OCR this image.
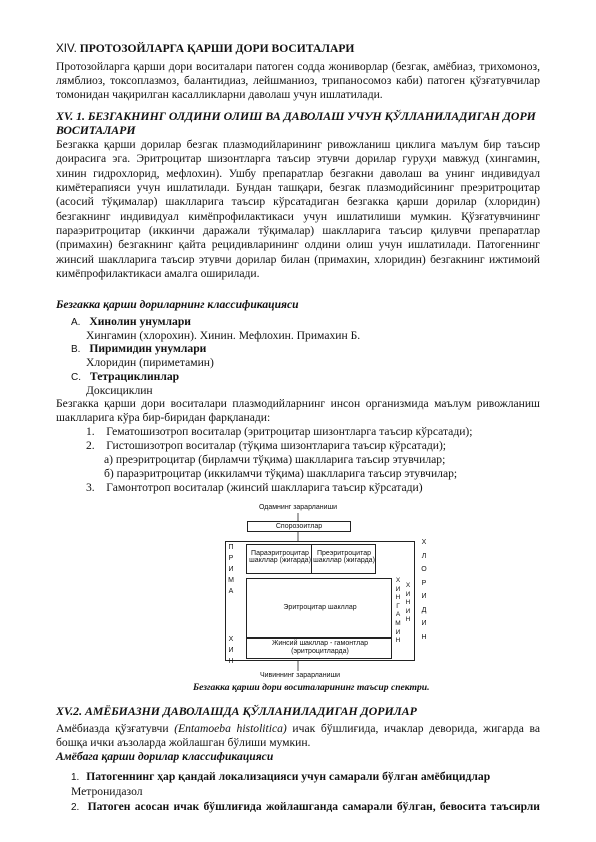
XIV. ПРОТОЗОЙЛАРГА ҚАРШИ ДОРИ ВОСИТАЛАРИ
Протозойларга қарши дори воситалари патоген содда жониворлар (безгак, амёбиаз, трихомоноз, лямблиоз, токсоплазмоз, балантидиаз, лейшманиоз, трипаносомоз каби) патоген қўзғатувчилар томонидан чақирилган касалликларни даволаш учун ишлатилади.
XV. 1. БЕЗГАКНИНГ ОЛДИНИ ОЛИШ ВА ДАВОЛАШ УЧУН ҚЎЛЛАНИЛАДИГАН ДОРИ ВОСИТАЛАРИ
Безгакка қарши дорилар безгак плазмодийларининг ривожланиш циклига маълум бир таъсир доирасига эга. Эритроцитар шизонтларга таъсир этувчи дорилар гуруҳи мавжуд (хингамин, хинин гидрохлорид, мефлохин). Ушбу препаратлар безгакни даволаш ва унинг индивидуал кимётерапияси учун ишлатилади. Бундан ташқари, безгак плазмодийсининг преэритроцитар (асосий тўқималар) шаклларига таъсир кўрсатадиган безгакка қарши дорилар (хлоридин) безгакнинг индивидуал кимёпрофилактикаси учун ишлатилиши мумкин. Қўзғатувчининг параэритроцитар (иккинчи даражали тўқималар) шаклларига таъсир қилувчи препаратлар (примахин) безгакнинг қайта рецидивларининг олдини олиш учун ишлатилади. Патогеннинг жинсий шаклларига таъсир этувчи дорилар билан (примахин, хлоридин) безгакнинг ижтимоий кимёпрофилактикаси амалга оширилади.
Безгакка қарши дориларнинг классификацияси
A. Хинолин унумлари
Хингамин (хлорохин). Хинин. Мефлохин. Примахин Б.
B. Пиримидин унумлари
Хлоридин (пириметамин)
C. Тетрациклинлар
Доксициклин
Безгакка қарши дори воситалари плазмодийларнинг инсон организмида маълум ривожланиш шаклларига кўра бир-биридан фарқланади:
1. Гематошизотроп воситалар (эритроцитар шизонтларга таъсир кўрсатади);
2. Гистошизотроп воситалар (тўқима шизонтларига таъсир кўрсатади);
а) преэритроцитар (бирламчи тўқима) шаклларига таъсир этувчилар;
б) параэритроцитар (иккиламчи тўқима) шаклларига таъсир этувчилар;
3. Гамонтотроп воситалар (жинсий шаклларига таъсир кўрсатади)
Одамнинг зарарланиши
Спорозоитлар
П
Р
И
М
А
Х
И
Н
Параэритроцитар шакллар (жигарда)
Преэритроцитар шакллар (жигарда)
Эритроцитар шакллар
Х
И
Н
Г
А
М
И
Н
Х
И
Н
И
Н
Жинсий шакллар - гамонтлар (эритроцитларда)
Х
Л
О
Р
И
Д
И
Н
Чивиннинг зарарланиши
Безгакка қарши дори воситаларининг таъсир спектри.
XV.2. АМЁБИАЗНИ ДАВОЛАШДА ҚЎЛЛАНИЛАДИГАН ДОРИЛАР
Амёбиазда қўзғатувчи (Entamoeba histolitica) ичак бўшлиғида, ичаклар деворида, жигарда ва бошқа ички аъзоларда жойлашган бўлиши мумкин.
Амёбага қарши дорилар классификацияси
1. Патогеннинг ҳар қандай локализацияси учун самарали бўлган амёбицидлар
Метронидазол
2. Патоген асосан ичак бўшлиғида жойлашганда самарали бўлган, бевосита таъсирли
